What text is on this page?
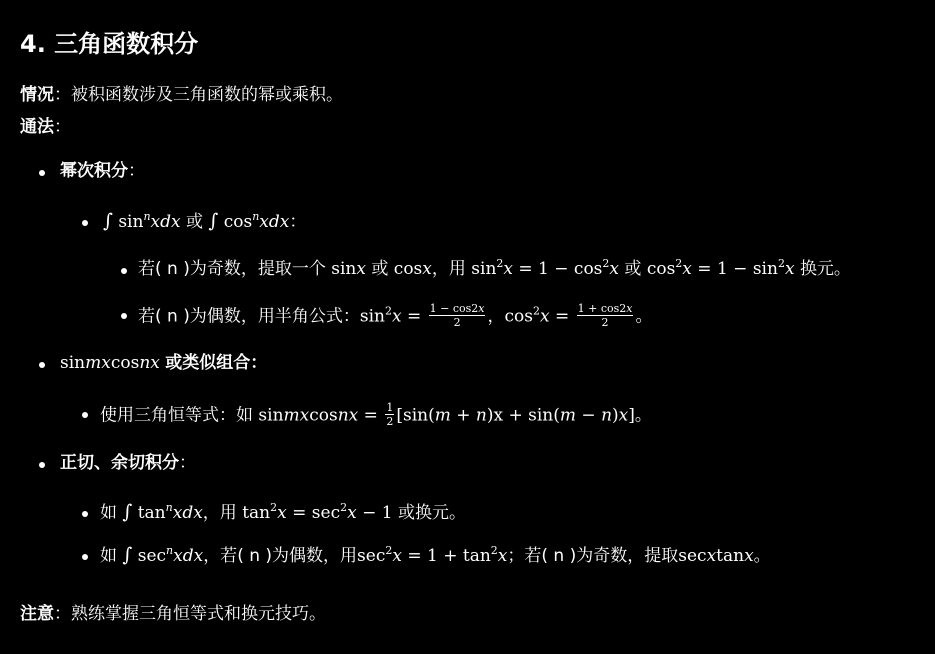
4. 三角函数积分
情况：被积函数涉及三角函数的幂或乘积。
通法：
幂次积分：
∫ $\sin^nxdx$ 或 ∫ $\cos^nxdx$：
若( n )为奇数，提取一个 sinx 或 cosx，用 $\sin^2x = 1 - \cos^2x$ 或 $\cos^2x = 1 - \sin^2x$ 换元。
若( n )为偶数，用半角公式：$\sin^2x = \frac{\text{1 − cos2𝑥}}{2}$ ，$\cos^2x = \frac{\text{1 + cos2𝑥}}{2}$ 。
sinmxcosnx 或类似组合：
使用三角恒等式：如 sinmxcosnx = $\frac{1}{2} [\sin(m + n)x + \sin(m - n)x]$。
正切、余切积分：
如 ∫ $\tan^nxdx$，用 $\tan^2x = \sec^2x - 1$ 或换元。
如 ∫ $\sec^nxdx$，若( n )为偶数，用$\sec^2x = 1 + \tan^2x$；若( n )为奇数，提取secxtanx。
注意：熟练掌握三角恒等式和换元技巧。
